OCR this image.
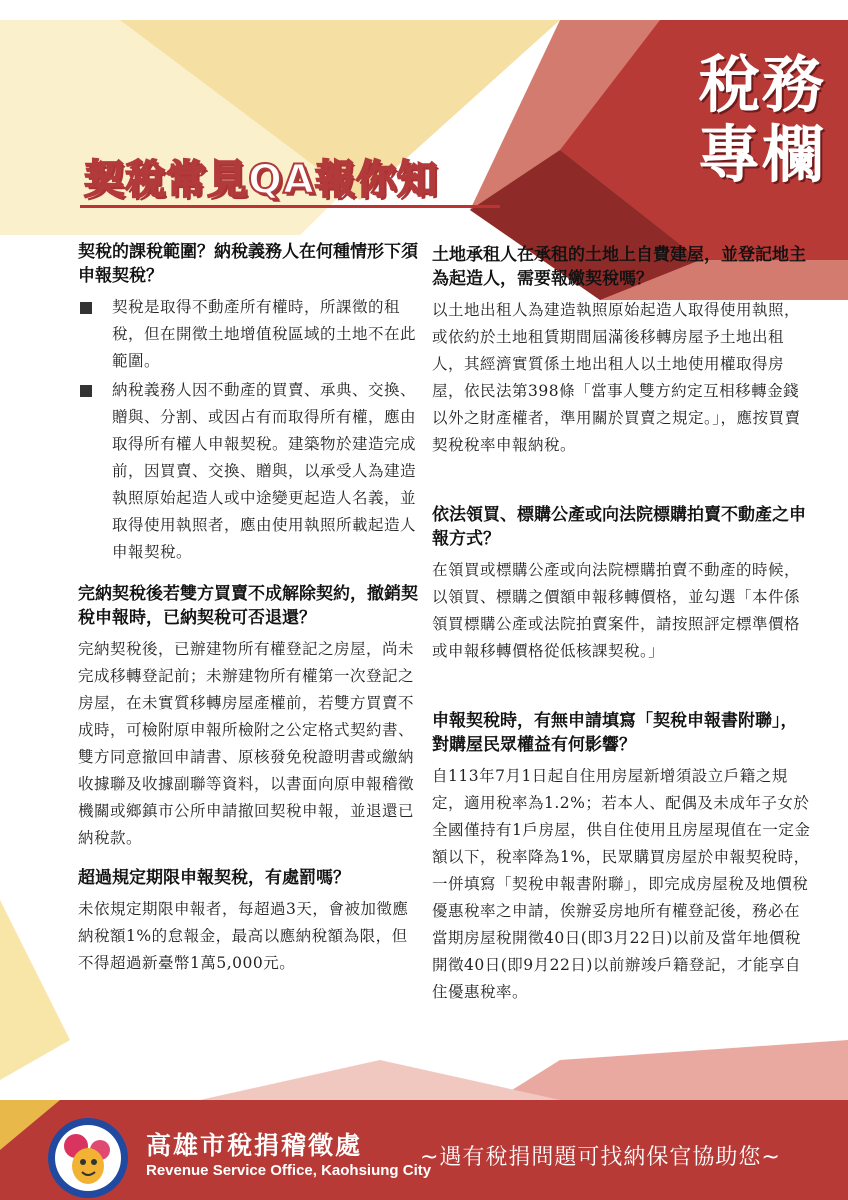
稅務
專欄
契稅常見QA報你知

契稅的課稅範圍？納稅義務人在何種情形下須申報契稅？

契稅是取得不動產所有權時，所課徵的租稅，但在開徵土地增值稅區域的土地不在此範圍。
納稅義務人因不動產的買賣、承典、交換、贈與、分割、或因占有而取得所有權，應由取得所有權人申報契稅。建築物於建造完成前，因買賣、交換、贈與，以承受人為建造執照原始起造人或中途變更起造人名義，並取得使用執照者，應由使用執照所載起造人申報契稅。

完納契稅後若雙方買賣不成解除契約，撤銷契稅申報時，已納契稅可否退還？

完納契稅後，已辦建物所有權登記之房屋，尚未完成移轉登記前；未辦建物所有權第一次登記之房屋，在未實質移轉房屋產權前，若雙方買賣不成時，可檢附原申報所檢附之公定格式契約書、雙方同意撤回申請書、原核發免稅證明書或繳納收據聯及收據副聯等資料，以書面向原申報稽徵機關或鄉鎮市公所申請撤回契稅申報，並退還已納稅款。

超過規定期限申報契稅，有處罰嗎？

未依規定期限申報者，每超過3天，會被加徵應納稅額1%的怠報金，最高以應納稅額為限，但不得超過新臺幣1萬5,000元。

土地承租人在承租的土地上自費建屋，並登記地主為起造人，需要報繳契稅嗎？

以土地出租人為建造執照原始起造人取得使用執照，或依約於土地租賃期間屆滿後移轉房屋予土地出租人，其經濟實質係土地出租人以土地使用權取得房屋，依民法第398條「當事人雙方約定互相移轉金錢以外之財產權者，準用關於買賣之規定。」，應按買賣契稅稅率申報納稅。

依法領買、標購公產或向法院標購拍賣不動產之申報方式？

在領買或標購公產或向法院標購拍賣不動產的時候，以領買、標購之價額申報移轉價格，並勾選「本件係領買標購公產或法院拍賣案件，請按照評定標準價格或申報移轉價格從低核課契稅。」

申報契稅時，有無申請填寫「契稅申報書附聯」，對購屋民眾權益有何影響？

自113年7月1日起自住用房屋新增須設立戶籍之規定，適用稅率為1.2%；若本人、配偶及未成年子女於全國僅持有1戶房屋，供自住使用且房屋現值在一定金額以下，稅率降為1%，民眾購買房屋於申報契稅時，一併填寫「契稅申報書附聯」，即完成房屋稅及地價稅優惠稅率之申請，俟辦妥房地所有權登記後，務必在當期房屋稅開徵40日(即3月22日)以前及當年地價稅開徵40日(即9月22日)以前辦竣戶籍登記，才能享自住優惠稅率。

高雄市稅捐稽徵處
Revenue Service Office, Kaohsiung City
~遇有稅捐問題可找納保官協助您~
